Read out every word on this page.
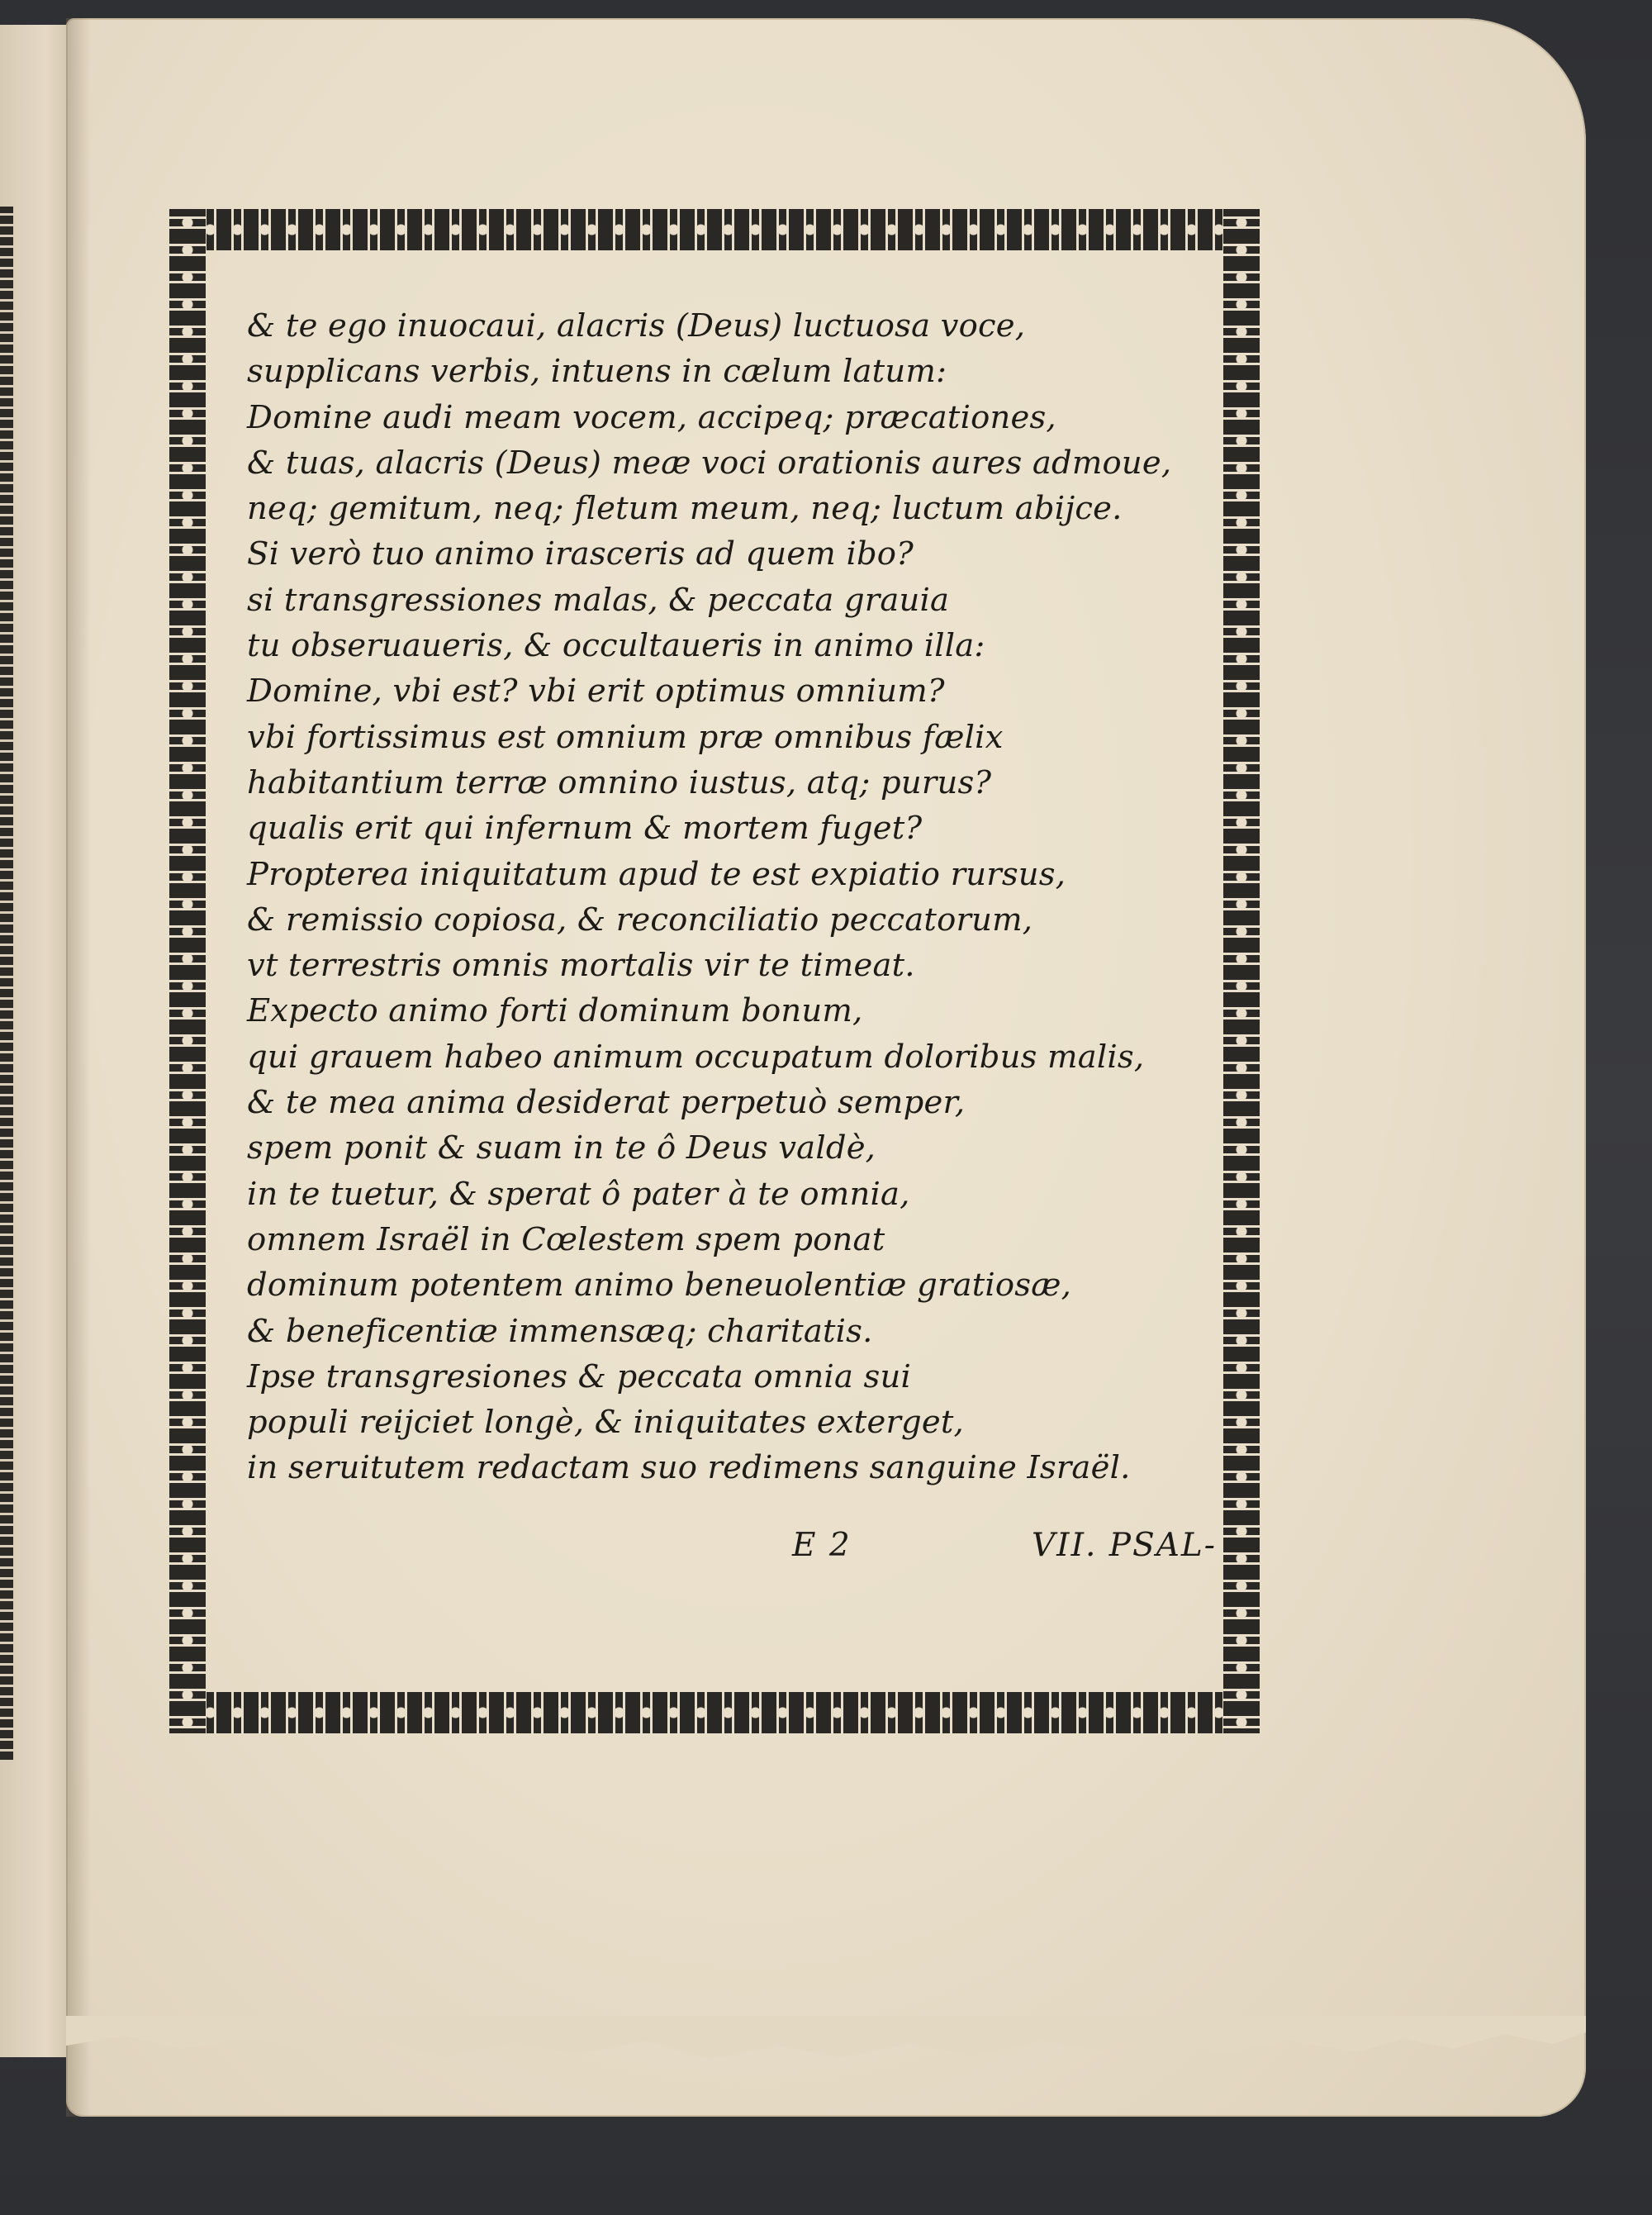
& te ego inuocaui, alacris (Deus) luctuosa voce,
supplicans verbis, intuens in cælum latum:
Domine audi meam vocem, accipeq; præcationes,
& tuas, alacris (Deus) meæ voci orationis aures admoue,
neq; gemitum, neq; fletum meum, neq; luctum abijce.
Si verò tuo animo irasceris ad quem ibo?
si transgressiones malas, & peccata grauia
tu obseruaueris, & occultaueris in animo illa:
Domine, vbi est? vbi erit optimus omnium?
vbi fortissimus est omnium præ omnibus fælix
habitantium terræ omnino iustus, atq; purus?
qualis erit qui infernum & mortem fuget?
Propterea iniquitatum apud te est expiatio rursus,
& remissio copiosa, & reconciliatio peccatorum,
vt terrestris omnis mortalis vir te timeat.
Expecto animo forti dominum bonum,
qui grauem habeo animum occupatum doloribus malis,
& te mea anima desiderat perpetuò semper,
spem ponit & suam in te ô Deus valdè,
in te tuetur, & sperat ô pater à te omnia,
omnem Israël in Cœlestem spem ponat
dominum potentem animo beneuolentiæ gratiosæ,
& beneficentiæ immensæq; charitatis.
Ipse transgresiones & peccata omnia sui
populi reijciet longè, & iniquitates exterget,
in seruitutem redactam suo redimens sanguine Israël.
E 2	VII. PSAL-
